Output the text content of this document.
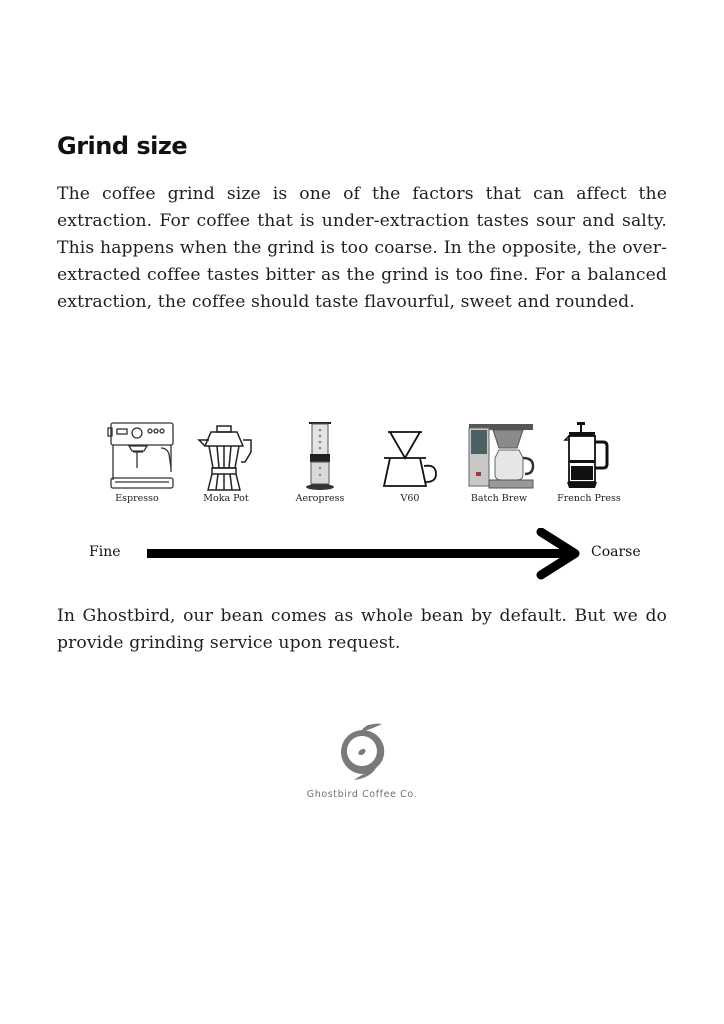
Grind size

The coffee grind size is one of the factors that can affect the extraction. For coffee that is under-extraction tastes sour and salty. This happens when the grind is too coarse. In the opposite, the over-extracted coffee tastes bitter as the grind is too fine. For a balanced extraction, the coffee should taste flavourful, sweet and rounded.

Espresso	Moka Pot	Aeropress	V60	Batch Brew	French Press
Fine	Coarse

In Ghostbird, our bean comes as whole bean by default. But we do provide grinding service upon request.

Ghostbird Coffee Co.
